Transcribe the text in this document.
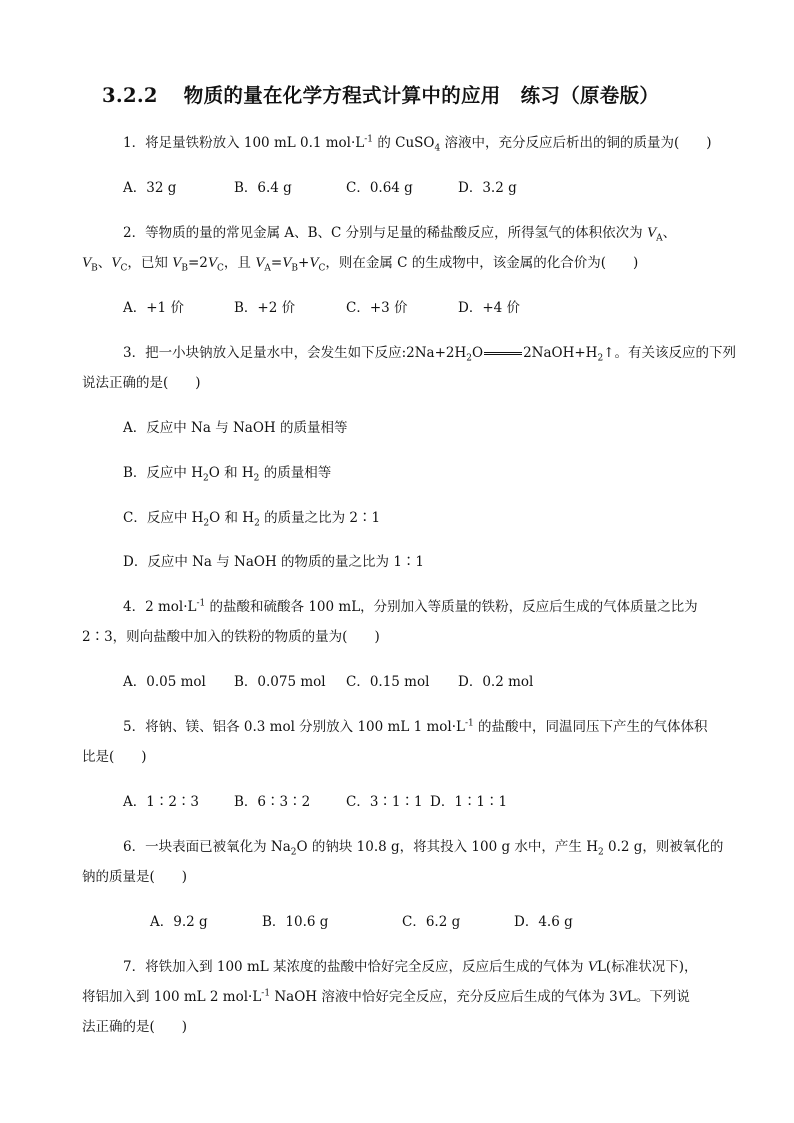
3.2.2 物质的量在化学方程式计算中的应用 练习（原卷版）
1．将足量铁粉放入 100 mL 0.1 $mol\cdot L^{-1}$ 的 CuSO$_4$ 溶液中，充分反应后析出的铜的质量为(　　)
A．32 g	B．6.4 g	C．0.64 g	D．3.2 g
2．等物质的量的常见金属 A、B、C 分别与足量的稀盐酸反应，所得氢气的体积依次为 $V_A$、
$V_B$、$V_C$，已知 $V_B=2V_C$，且 $V_A=V_B+V_C$，则在金属 C 的生成物中，该金属的化合价为(　　)
A．+1 价	B．+2 价	C．+3 价	D．+4 价
3．把一小块钠放入足量水中，会发生如下反应$:2Na+2H_2O$	$2NaOH+H_2↑$。有关该反应的下列
说法正确的是(　　)
A．反应中 Na 与 NaOH 的质量相等
B．反应中 $H_2O$ 和 $H_2$ 的质量相等
C．反应中 $H_2O$ 和 $H_2$ 的质量之比为 2∶1
D．反应中 Na 与 NaOH 的物质的量之比为 1∶1
4．2 $mol\cdot L^{-1}$ 的盐酸和硫酸各 100 mL，分别加入等质量的铁粉，反应后生成的气体质量之比为
2∶3，则向盐酸中加入的铁粉的物质的量为(　　)
A．0.05 mol B．0.075 mol C．0.15 mol D．0.2 mol
5．将钠、镁、铝各 0.3 mol 分别放入 100 mL 1 $mol\cdot L^{-1}$ 的盐酸中，同温同压下产生的气体体积
比是(　　)
A．1∶2∶3	B．6∶3∶2	C．3∶1∶1 D．1∶1∶1
6．一块表面已被氧化为 $Na_2O$ 的钠块 10.8 g，将其投入 100 g 水中，产生 $H_2$ 0.2 g，则被氧化的
钠的质量是(　　)
A．9.2 g	B．10.6 g	C．6.2 g	D．4.6 g
7．将铁加入到 100 mL 某浓度的盐酸中恰好完全反应，反应后生成的气体为 VL(标准状况下)，
将铝加入到 100 mL 2 $mol\cdot L^{-1}$ NaOH 溶液中恰好完全反应，充分反应后生成的气体为 3VL。下列说
法正确的是(　　)
